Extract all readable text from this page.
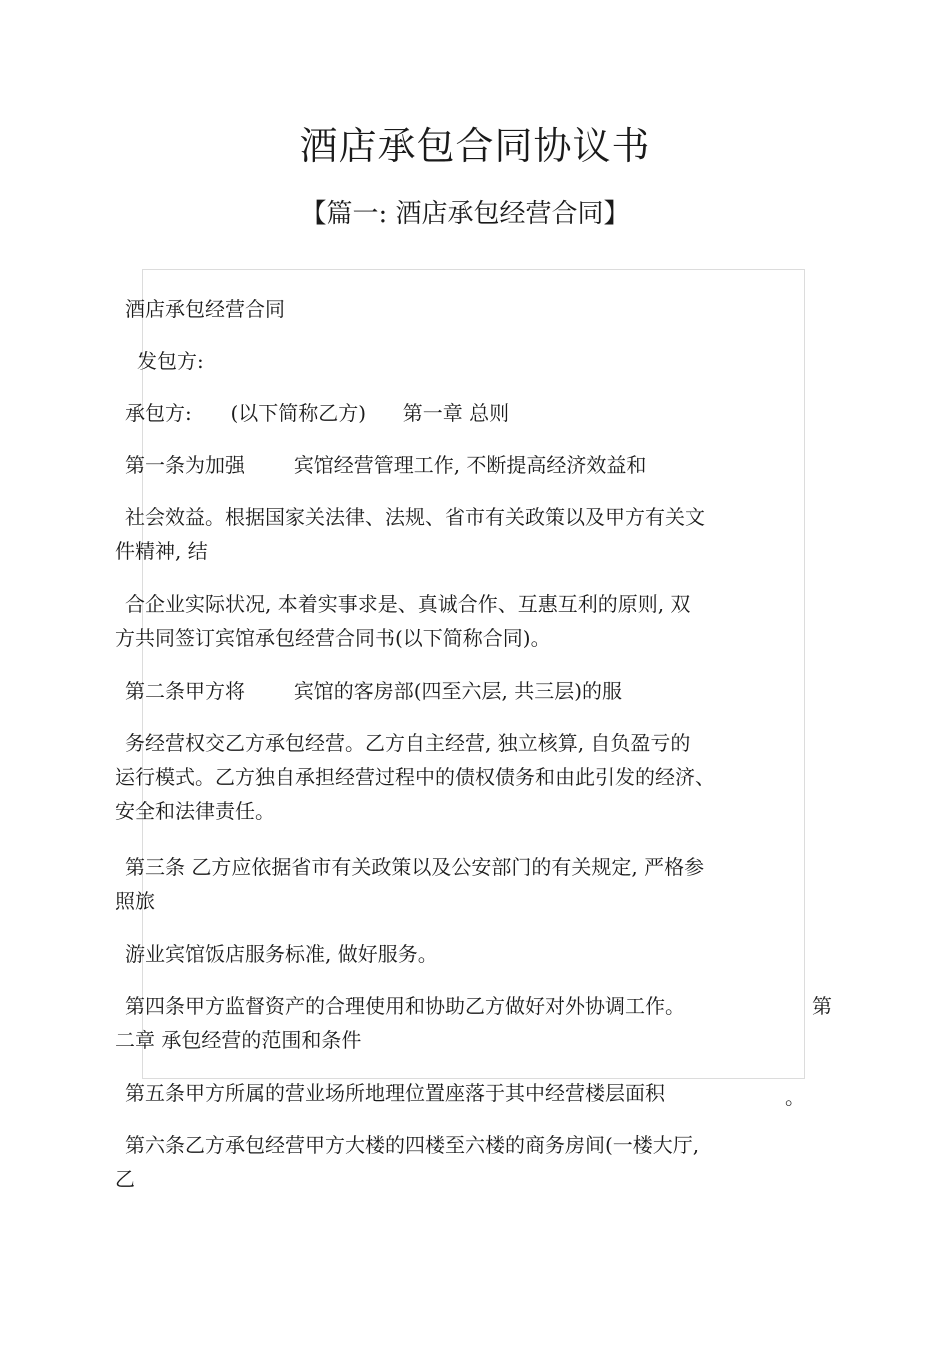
酒店承包合同协议书
【篇一: 酒店承包经营合同】
酒店承包经营合同
发包方:
承包方: (以下简称乙方) 第一章 总则
第一条为加强 宾馆经营管理工作, 不断提高经济效益和
社会效益。根据国家关法律、法规、省市有关政策以及甲方有关文
件精神, 结
合企业实际状况, 本着实事求是、真诚合作、互惠互利的原则, 双
方共同签订宾馆承包经营合同书(以下简称合同)。
第二条甲方将 宾馆的客房部(四至六层, 共三层)的服
务经营权交乙方承包经营。乙方自主经营, 独立核算, 自负盈亏的
运行模式。乙方独自承担经营过程中的债权债务和由此引发的经济、
安全和法律责任。
第三条 乙方应依据省市有关政策以及公安部门的有关规定, 严格参
照旅
游业宾馆饭店服务标准, 做好服务。
第四条甲方监督资产的合理使用和协助乙方做好对外协调工作。	第
二章 承包经营的范围和条件
第五条甲方所属的营业场所地理位置座落于其中经营楼层面积	。
第六条乙方承包经营甲方大楼的四楼至六楼的商务房间(一楼大厅,
乙
